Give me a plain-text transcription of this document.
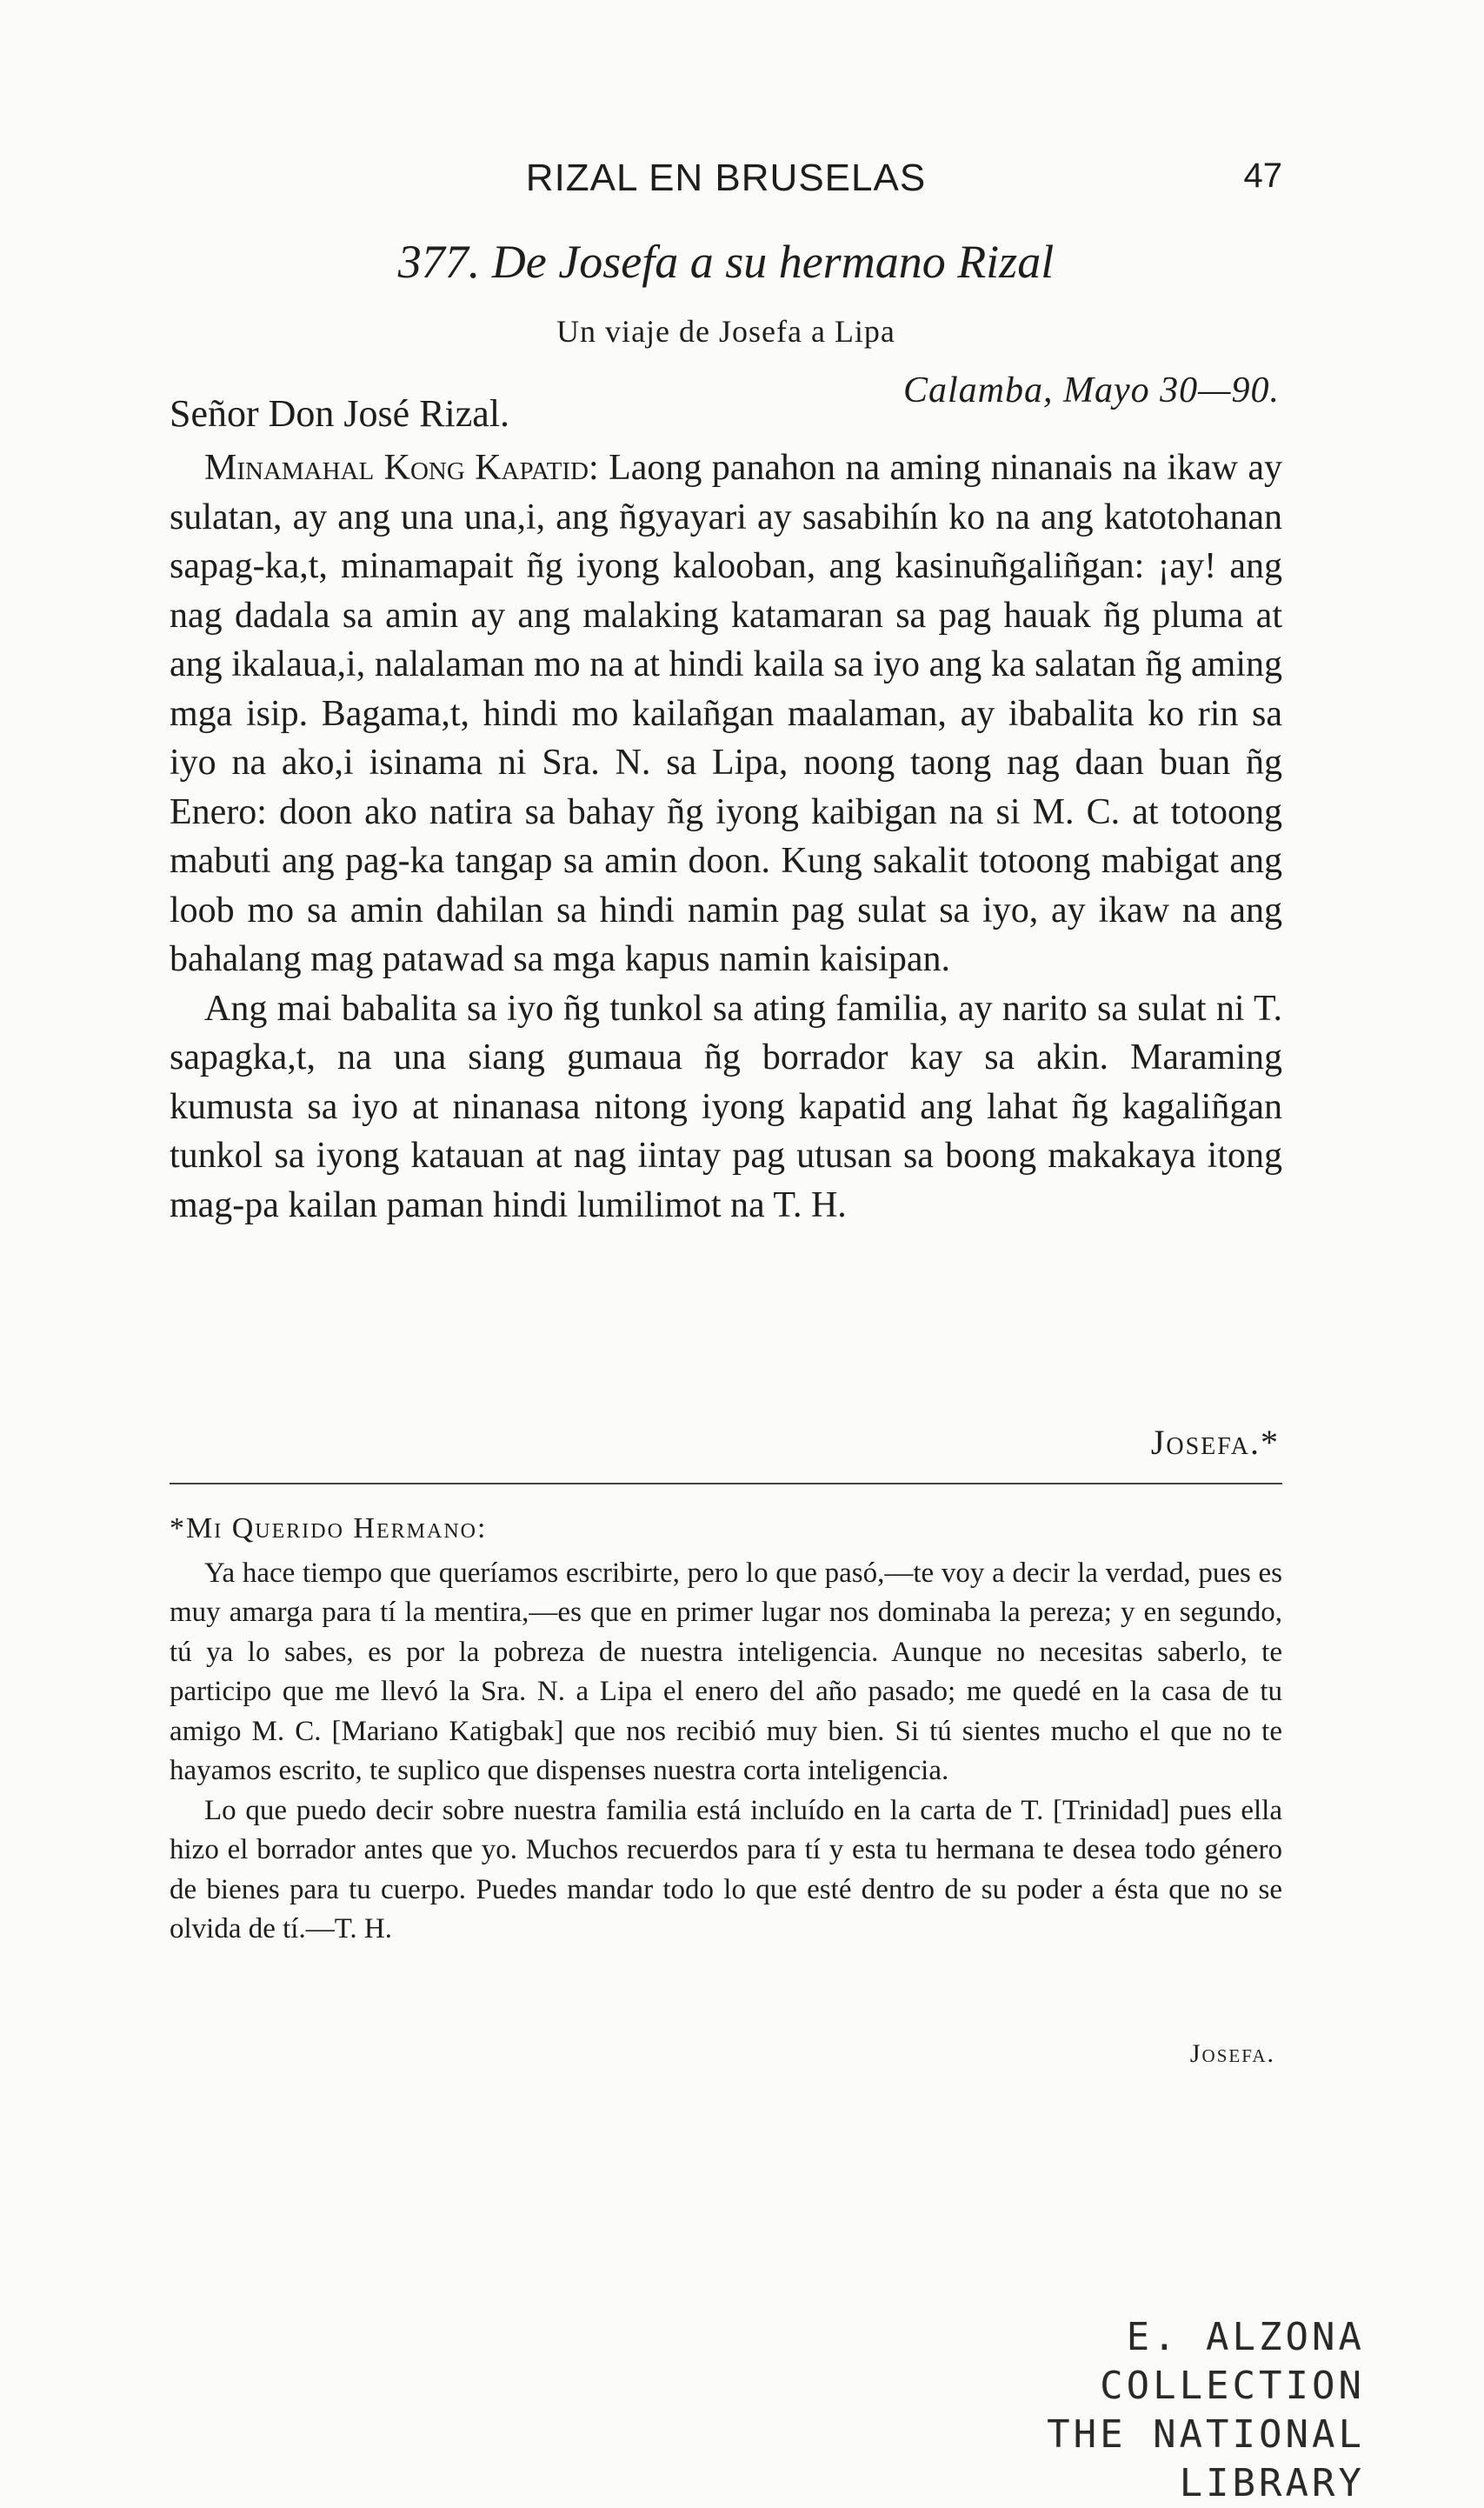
RIZAL EN BRUSELAS	47
377. De Josefa a su hermano Rizal
Un viaje de Josefa a Lipa
Calamba, Mayo 30—90.
Señor Don José Rizal.

Minamahal Kong Kapatid: Laong panahon na aming ninanais na ikaw ay sulatan, ay ang una una,i, ang ñgyayari ay sasabihín ko na ang katotohanan sapag-ka,t, minamapait ñg iyong kalooban, ang kasinuñgaliñgan: ¡ay! ang nag dadala sa amin ay ang malaking katamaran sa pag hauak ñg pluma at ang ikalaua,i, nalalaman mo na at hindi kaila sa iyo ang ka salatan ñg aming mga isip. Bagama,t, hindi mo kailañgan maalaman, ay ibabalita ko rin sa iyo na ako,i isinama ni Sra. N. sa Lipa, noong taong nag daan buan ñg Enero: doon ako natira sa bahay ñg iyong kaibigan na si M. C. at totoong mabuti ang pag-ka tangap sa amin doon. Kung sakalit totoong mabigat ang loob mo sa amin dahilan sa hindi namin pag sulat sa iyo, ay ikaw na ang bahalang mag patawad sa mga kapus namin kaisipan.

Ang mai babalita sa iyo ñg tunkol sa ating familia, ay narito sa sulat ni T. sapagka,t, na una siang gumaua ñg borrador kay sa akin. Maraming kumusta sa iyo at ninanasa nitong iyong kapatid ang lahat ñg kagaliñgan tunkol sa iyong katauan at nag iintay pag utusan sa boong makakaya itong mag-pa kailan paman hindi lumilimot na T. H.

Josefa.*
*Mi Querido Hermano:

Ya hace tiempo que queríamos escribirte, pero lo que pasó,—te voy a decir la verdad, pues es muy amarga para tí la mentira,—es que en primer lugar nos dominaba la pereza; y en segundo, tú ya lo sabes, es por la pobreza de nuestra inteligencia. Aunque no necesitas saberlo, te participo que me llevó la Sra. N. a Lipa el enero del año pasado; me quedé en la casa de tu amigo M. C. [Mariano Katigbak] que nos recibió muy bien. Si tú sientes mucho el que no te hayamos escrito, te suplico que dispenses nuestra corta inteligencia.

Lo que puedo decir sobre nuestra familia está incluído en la carta de T. [Trinidad] pues ella hizo el borrador antes que yo. Muchos recuerdos para tí y esta tu hermana te desea todo género de bienes para tu cuerpo. Puedes mandar todo lo que esté dentro de su poder a ésta que no se olvida de tí.—T. H.

Josefa.
E. ALZONA COLLECTION
THE NATIONAL LIBRARY
